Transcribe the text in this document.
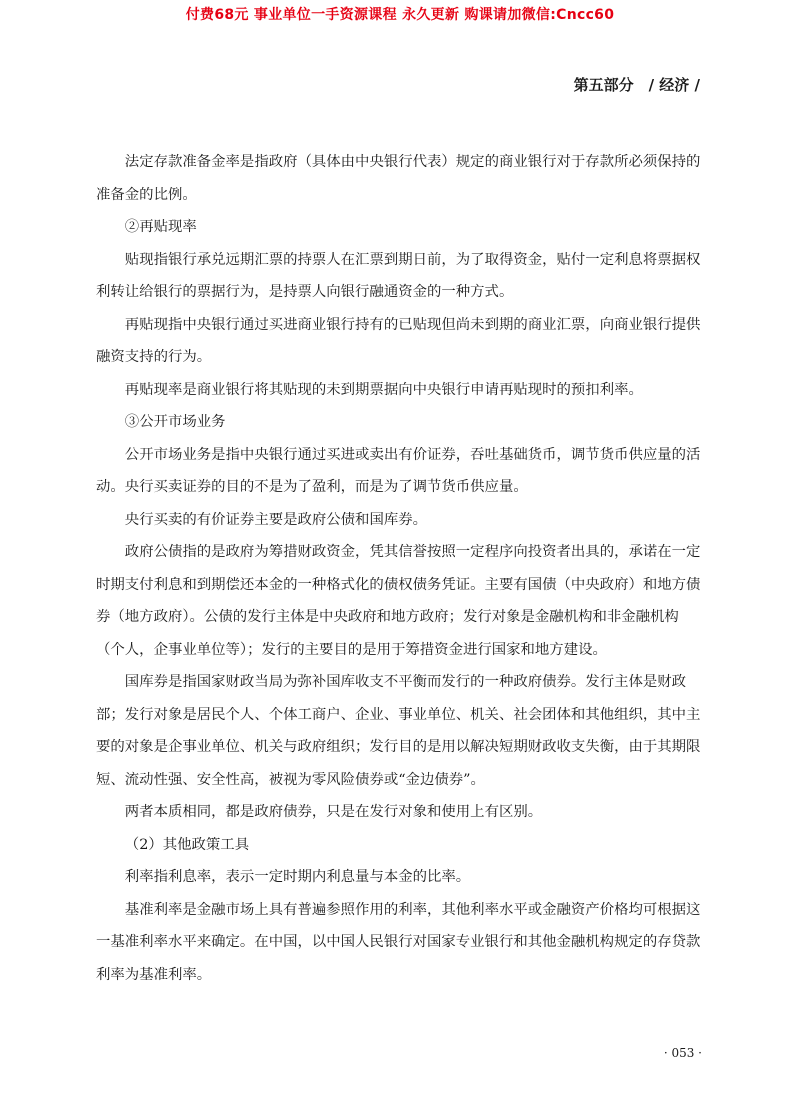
付费68元 事业单位一手资源课程 永久更新 购课请加微信:Cncc60
第五部分　/ 经济 /

法定存款准备金率是指政府（具体由中央银行代表）规定的商业银行对于存款所必须保持的准备金的比例。

②再贴现率

贴现指银行承兑远期汇票的持票人在汇票到期日前，为了取得资金，贴付一定利息将票据权利转让给银行的票据行为，是持票人向银行融通资金的一种方式。

再贴现指中央银行通过买进商业银行持有的已贴现但尚未到期的商业汇票，向商业银行提供融资支持的行为。

再贴现率是商业银行将其贴现的未到期票据向中央银行申请再贴现时的预扣利率。

③公开市场业务

公开市场业务是指中央银行通过买进或卖出有价证券，吞吐基础货币，调节货币供应量的活动。央行买卖证券的目的不是为了盈利，而是为了调节货币供应量。

央行买卖的有价证券主要是政府公债和国库券。

政府公债指的是政府为筹措财政资金，凭其信誉按照一定程序向投资者出具的，承诺在一定时期支付利息和到期偿还本金的一种格式化的债权债务凭证。主要有国债（中央政府）和地方债券（地方政府）。公债的发行主体是中央政府和地方政府；发行对象是金融机构和非金融机构（个人，企事业单位等）；发行的主要目的是用于筹措资金进行国家和地方建设。

国库券是指国家财政当局为弥补国库收支不平衡而发行的一种政府债券。发行主体是财政部；发行对象是居民个人、个体工商户、企业、事业单位、机关、社会团体和其他组织，其中主要的对象是企事业单位、机关与政府组织；发行目的是用以解决短期财政收支失衡，由于其期限短、流动性强、安全性高，被视为零风险债券或“金边债券”。

两者本质相同，都是政府债券，只是在发行对象和使用上有区别。

（2）其他政策工具

利率指利息率，表示一定时期内利息量与本金的比率。

基准利率是金融市场上具有普遍参照作用的利率，其他利率水平或金融资产价格均可根据这一基准利率水平来确定。在中国，以中国人民银行对国家专业银行和其他金融机构规定的存贷款利率为基准利率。

· 053 ·
